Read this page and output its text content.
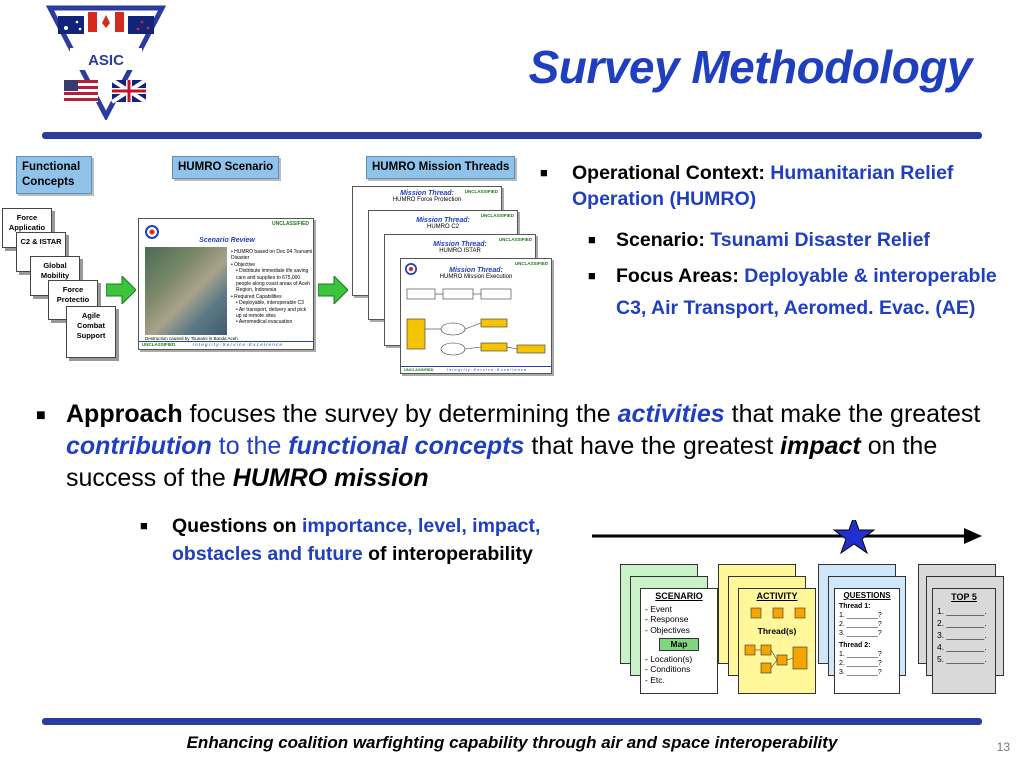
ASIC	Survey Methodology
Functional Concepts
HUMRO Scenario	HUMRO Mission Threads
Force Applicatio
C2 & ISTAR
Global Mobility
Force Protectio
Agile Combat Support
UNCLASSIFIED
Scenario Review
• HUMRO based on Dec 04 Tsunami Disaster
• Objective
• Distribute immediate life saving care and supplies to 675,000 people along coast areas of Aceh Region, Indonesia
• Required Capabilities
• Deployable, interoperable C3
• Air transport, delivery and pick up at remote sites
• Aeromedical evacuation
Destruction caused by Tsunami in Banda Aceh
UNCLASSIFIED	I n t e g r i t y - S e r v i c e - E x c e l l e n c e
UNCLASSIFIED
Mission Thread:
HUMRO Force Protection
UNCLASSIFIED
Mission Thread:
HUMRO C2
UNCLASSIFIED
Mission Thread:
HUMRO ISTAR
UNCLASSIFIED
Mission Thread:
HUMRO Mission Execution
UNCLASSIFIED	I n t e g r i t y - S e r v i c e - E x c e l l e n c e
■ Operational Context: Humanitarian Relief Operation (HUMRO)
■ Scenario: Tsunami Disaster Relief
■ Focus Areas: Deployable & interoperable C3, Air Transport, Aeromed. Evac. (AE)
■ Approach focuses the survey by determining the activities that make the greatest contribution to the functional concepts that have the greatest impact on the success of the HUMRO mission
■ Questions on importance, level, impact, obstacles and future of interoperability
SCENARIO
- Event
- Response
- Objectives
Map
- Location(s)
- Conditions
- Etc.
ACTIVITY
Thread(s)
QUESTIONS
Thread 1:
1. ________?
2. ________?
3. ________?
Thread 2:
1. ________?
2. ________?
3. ________?
TOP 5
1. ________.
2. ________.
3. ________.
4. ________.
5. ________.
Enhancing coalition warfighting capability through air and space interoperability	13
